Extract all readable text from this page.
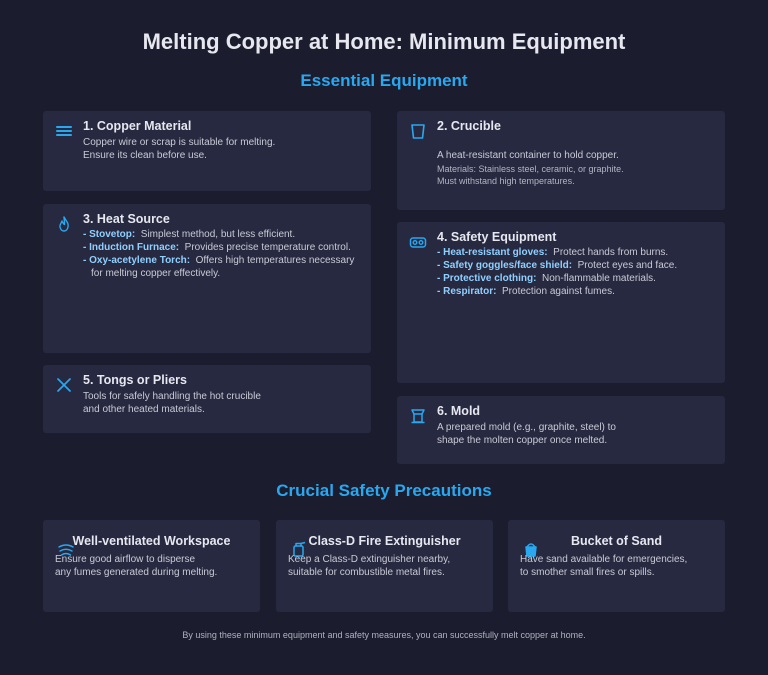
Melting Copper at Home: Minimum Equipment
Essential Equipment
1. Copper Material
Copper wire or scrap is suitable for melting.
Ensure its clean before use.
2. Crucible

A heat-resistant container to hold copper.

Materials: Stainless steel, ceramic, or graphite.
Must withstand high temperatures.

3. Heat Source
- Stovetop: Simplest method, but less efficient.
- Induction Furnace: Provides precise temperature control.
- Oxy-acetylene Torch: Offers high temperatures necessary
for melting copper effectively.
4. Safety Equipment
- Heat-resistant gloves: Protect hands from burns.
- Safety goggles/face shield: Protect eyes and face.
- Protective clothing: Non-flammable materials.
- Respirator: Protection against fumes.
5. Tongs or Pliers
Tools for safely handling the hot crucible
and other heated materials.	6. Mold
A prepared mold (e.g., graphite, steel) to
shape the molten copper once melted.
Crucial Safety Precautions
Well-ventilated Workspace
Ensure good airflow to disperse
any fumes generated during melting.
Class-D Fire Extinguisher
Keep a Class-D extinguisher nearby,
suitable for combustible metal fires.
Bucket of Sand
Have sand available for emergencies,
to smother small fires or spills.
By using these minimum equipment and safety measures, you can successfully melt copper at home.
